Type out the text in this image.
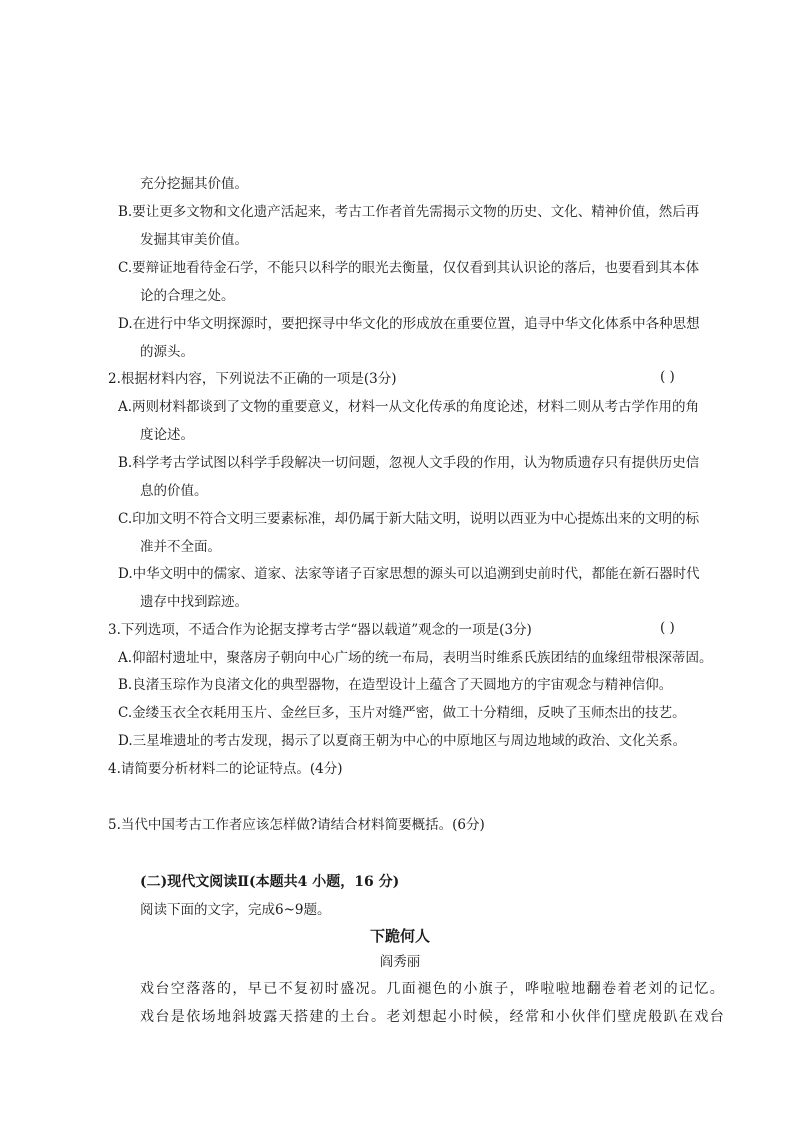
充分挖掘其价值。
B.要让更多文物和文化遗产活起来，考古工作者首先需揭示文物的历史、文化、精神价值，然后再
发掘其审美价值。
C.要辩证地看待金石学，不能只以科学的眼光去衡量，仅仅看到其认识论的落后，也要看到其本体
论的合理之处。
D.在进行中华文明探源时，要把探寻中华文化的形成放在重要位置，追寻中华文化体系中各种思想
的源头。
2.根据材料内容，下列说法不正确的一项是(3分)	( )
A.两则材料都谈到了文物的重要意义，材料一从文化传承的角度论述，材料二则从考古学作用的角
度论述。
B.科学考古学试图以科学手段解决一切问题，忽视人文手段的作用，认为物质遗存只有提供历史信
息的价值。
C.印加文明不符合文明三要素标准，却仍属于新大陆文明，说明以西亚为中心提炼出来的文明的标
准并不全面。
D.中华文明中的儒家、道家、法家等诸子百家思想的源头可以追溯到史前时代，都能在新石器时代
遗存中找到踪迹。
3.下列选项，不适合作为论据支撑考古学“器以载道”观念的一项是(3分)	( )
A.仰韶村遗址中，聚落房子朝向中心广场的统一布局，表明当时维系氏族团结的血缘纽带根深蒂固。
B.良渚玉琮作为良渚文化的典型器物，在造型设计上蕴含了天圆地方的宇宙观念与精神信仰。
C.金缕玉衣全衣耗用玉片、金丝巨多，玉片对缝严密，做工十分精细，反映了玉师杰出的技艺。
D.三星堆遗址的考古发现，揭示了以夏商王朝为中心的中原地区与周边地域的政治、文化关系。
4.请简要分析材料二的论证特点。(4分)
5.当代中国考古工作者应该怎样做?请结合材料简要概括。(6分)
(二)现代文阅读Ⅱ(本题共4 小题，16 分)
阅读下面的文字，完成6~9题。
下跪何人
阎秀丽
戏台空落落的，早已不复初时盛况。几面褪色的小旗子，哗啦啦地翻卷着老刘的记忆。
戏台是依场地斜坡露天搭建的土台。老刘想起小时候，经常和小伙伴们壁虎般趴在戏台
